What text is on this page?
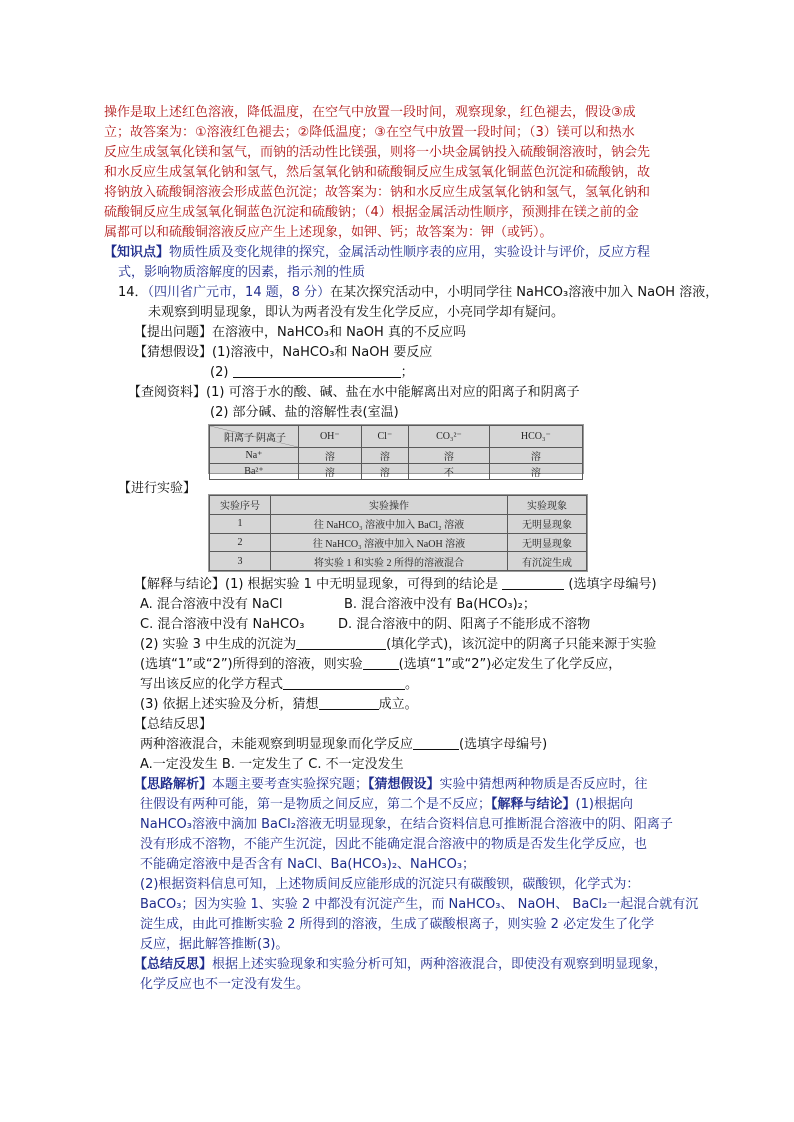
操作是取上述红色溶液，降低温度，在空气中放置一段时间，观察现象，红色褪去，假设③成
立；故答案为：①溶液红色褪去；②降低温度；③在空气中放置一段时间；（3）镁可以和热水
反应生成氢氧化镁和氢气，而钠的活动性比镁强，则将一小块金属钠投入硫酸铜溶液时，钠会先
和水反应生成氢氧化钠和氢气，然后氢氧化钠和硫酸铜反应生成氢氧化铜蓝色沉淀和硫酸钠，故
将钠放入硫酸铜溶液会形成蓝色沉淀；故答案为：钠和水反应生成氢氧化钠和氢气，氢氧化钠和
硫酸铜反应生成氢氧化铜蓝色沉淀和硫酸钠；（4）根据金属活动性顺序，预测排在镁之前的金
属都可以和硫酸铜溶液反应产生上述现象，如钾、钙；故答案为：钾（或钙）。
【知识点】物质性质及变化规律的探究，金属活动性顺序表的应用，实验设计与评价，反应方程
式，影响物质溶解度的因素，指示剂的性质
14．（四川省广元市，14 题，8 分）在某次探究活动中，小明同学往 NaHCO₃溶液中加入 NaOH 溶液，
未观察到明显现象，即认为两者没有发生化学反应，小亮同学却有疑问。
【提出问题】在溶液中，NaHCO₃和 NaOH 真的不反应吗
【猜想假设】(1)溶液中，NaHCO₃和 NaOH 要反应
(2)	；
【查阅资料】(1) 可溶于水的酸、碱、盐在水中能解离出对应的阳离子和阴离子
(2) 部分碱、盐的溶解性表(室温)
阴离子
阳离子	OH⁻	Cl⁻	CO₃²⁻	HCO₃⁻
Na⁺	溶	溶	溶	溶
Ba²⁺	溶	溶	不	溶
【进行实验】
实验序号	实验操作	实验现象
1	往 NaHCO₃ 溶液中加入 BaCl₂ 溶液	无明显现象
2	往 NaHCO₃ 溶液中加入 NaOH 溶液	无明显现象
3	将实验 1 和实验 2 所得的溶液混合	有沉淀生成
【解释与结论】(1) 根据实验 1 中无明显现象，可得到的结论是	(选填字母编号)
A. 混合溶液中没有 NaCl	B. 混合溶液中没有 Ba(HCO₃)₂；
C. 混合溶液中没有 NaHCO₃	D. 混合溶液中的阴、阳离子不能形成不溶物
(2) 实验 3 中生成的沉淀为	(填化学式)，该沉淀中的阴离子只能来源于实验
(选填“1”或“2”)所得到的溶液，则实验	(选填“1”或“2”)必定发生了化学反应，
写出该反应的化学方程式	。
(3) 依据上述实验及分析，猜想	成立。
【总结反思】
两种溶液混合，未能观察到明显现象而化学反应	(选填字母编号)
A.一定没发生 B. 一定发生了 C. 不一定没发生
【思路解析】本题主要考查实验探究题；【猜想假设】实验中猜想两种物质是否反应时，往
往假设有两种可能，第一是物质之间反应，第二个是不反应；【解释与结论】(1)根据向
NaHCO₃溶液中滴加 BaCl₂溶液无明显现象，在结合资料信息可推断混合溶液中的阴、阳离子
没有形成不溶物，不能产生沉淀，因此不能确定混合溶液中的物质是否发生化学反应，也
不能确定溶液中是否含有 NaCl、Ba(HCO₃)₂、NaHCO₃；
(2)根据资料信息可知，上述物质间反应能形成的沉淀只有碳酸钡，碳酸钡，化学式为：
BaCO₃；因为实验 1、实验 2 中都没有沉淀产生，而 NaHCO₃、 NaOH、 BaCl₂一起混合就有沉
淀生成，由此可推断实验 2 所得到的溶液，生成了碳酸根离子，则实验 2 必定发生了化学
反应，据此解答推断(3)。
【总结反思】根据上述实验现象和实验分析可知，两种溶液混合，即使没有观察到明显现象，
化学反应也不一定没有发生。
